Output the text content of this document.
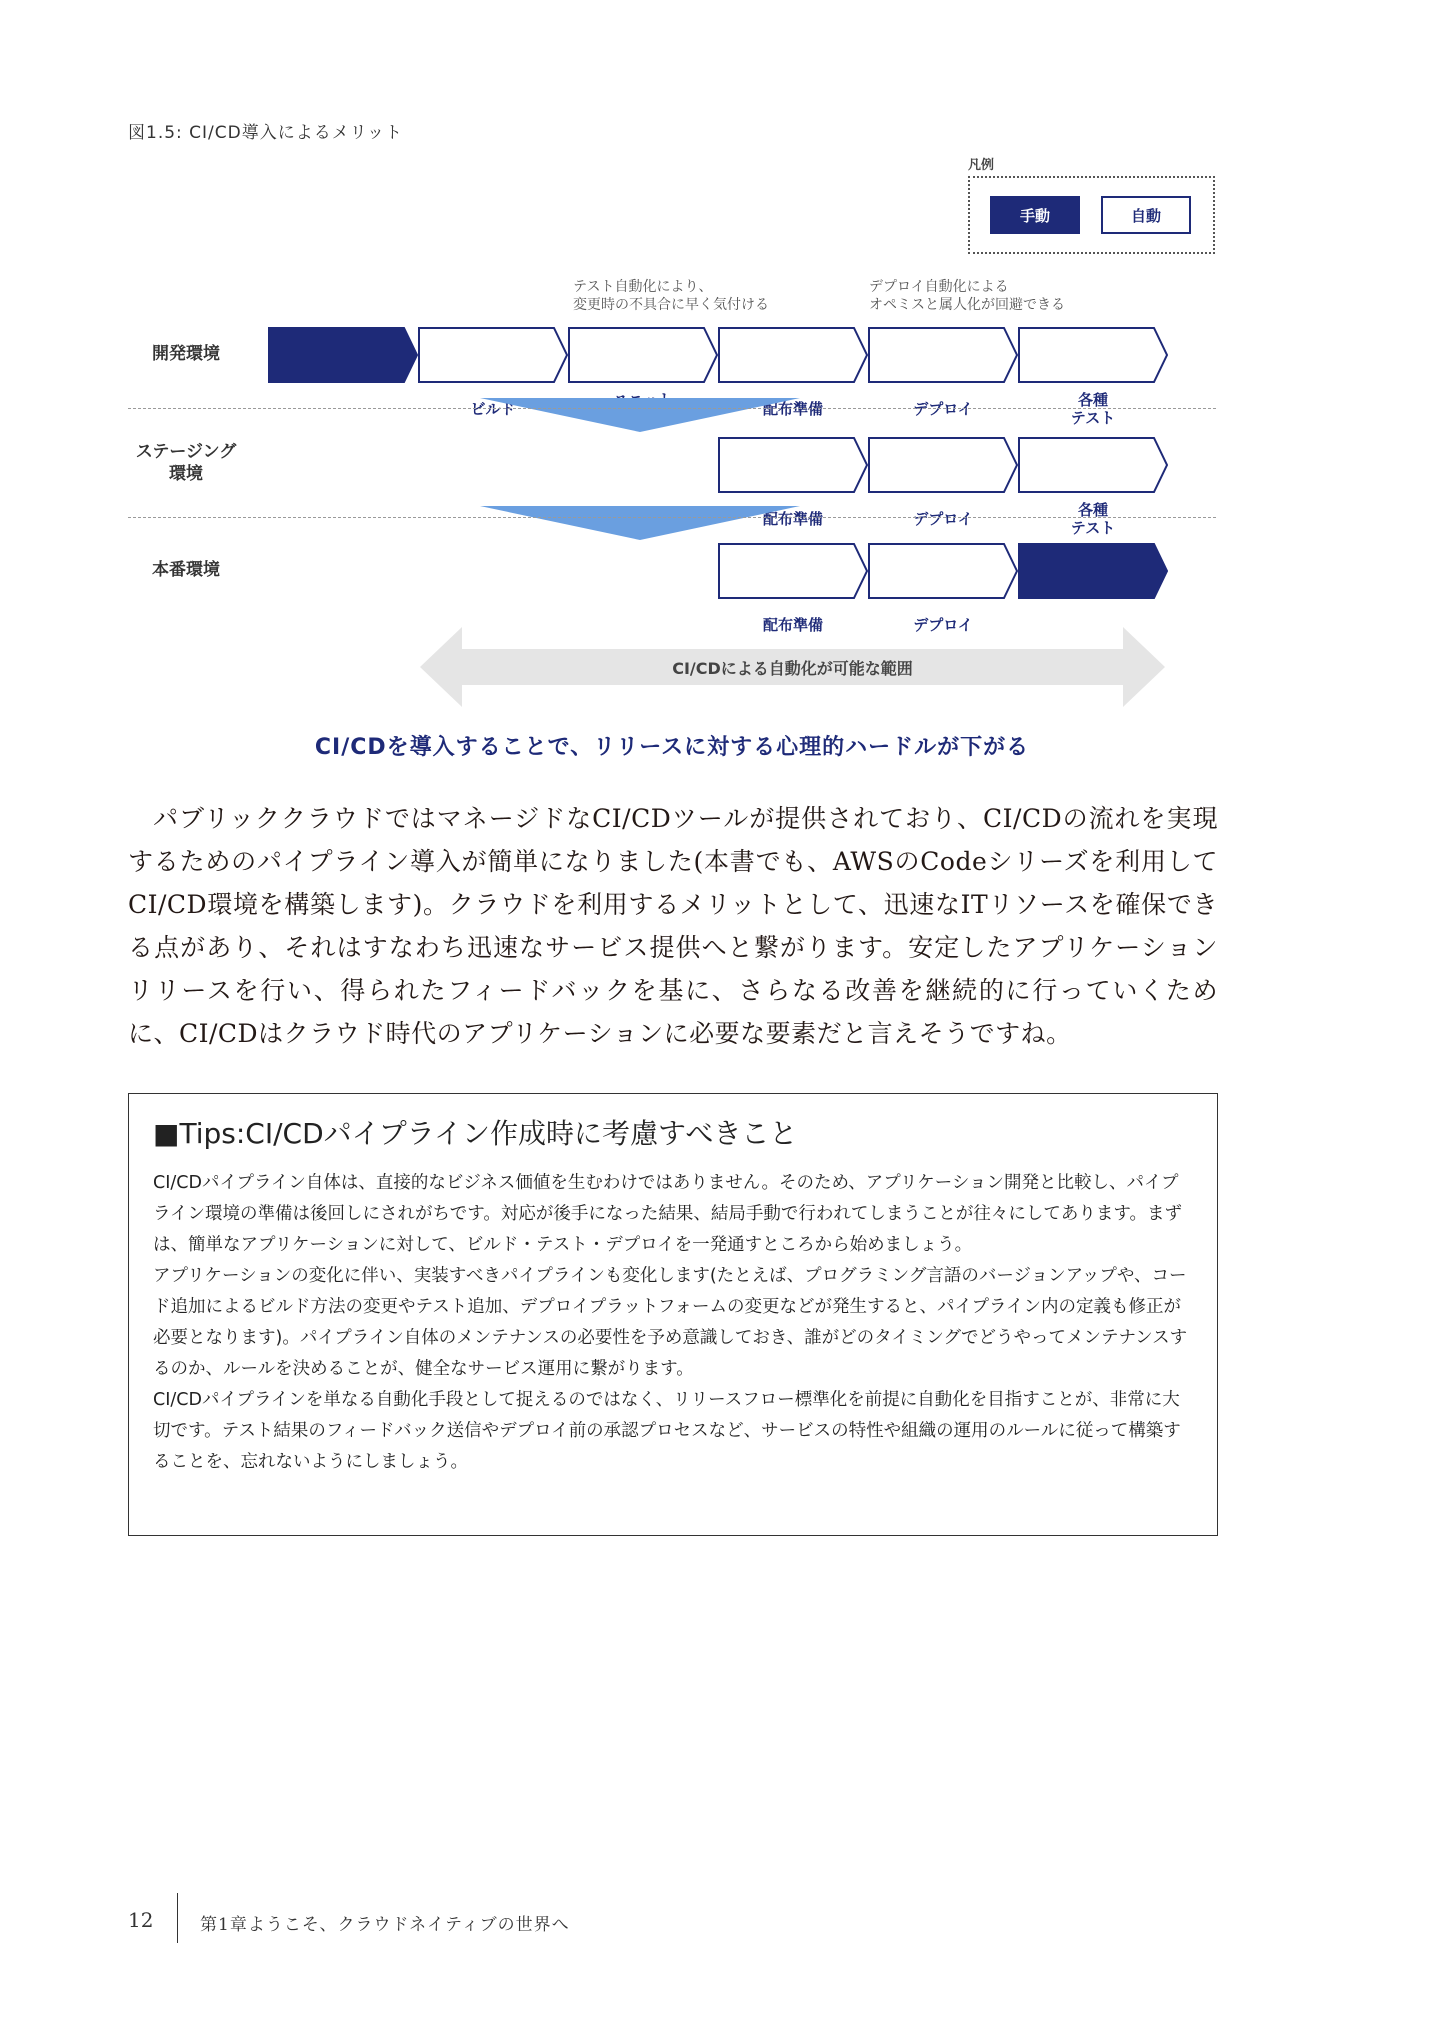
図1.5: CI/CD導入によるメリット
凡例
手動	自動
テスト自動化により、
変更時の不具合に早く気付ける
デプロイ自動化による
オペミスと属人化が回避できる
開発環境
ステージング
環境
本番環境

コードの
マージ処理

	ビルド

	配布準備

	デプロイ

	各種
テスト

配布準備

	デプロイ

	各種
テスト

配布準備

	デプロイ

	リリース

CI/CDによる自動化が可能な範囲
CI/CDを導入することで、リリースに対する心理的ハードルが下がる
パブリッククラウドではマネージドなCI/CDツールが提供されており、CI/CDの流れを実現するためのパイプライン導入が簡単になりました(本書でも、AWSのCodeシリーズを利用してCI/CD環境を構築します)。クラウドを利用するメリットとして、迅速なITリソースを確保できる点があり、それはすなわち迅速なサービス提供へと繋がります。安定したアプリケーションリリースを行い、得られたフィードバックを基に、さらなる改善を継続的に行っていくために、CI/CDはクラウド時代のアプリケーションに必要な要素だと言えそうですね。
■Tips:CI/CDパイプライン作成時に考慮すべきこと

CI/CDパイプライン自体は、直接的なビジネス価値を生むわけではありません。そのため、アプリケーション開発と比較し、パイプライン環境の準備は後回しにされがちです。対応が後手になった結果、結局手動で行われてしまうことが往々にしてあります。まずは、簡単なアプリケーションに対して、ビルド・テスト・デプロイを一発通すところから始めましょう。

アプリケーションの変化に伴い、実装すべきパイプラインも変化します(たとえば、プログラミング言語のバージョンアップや、コード追加によるビルド方法の変更やテスト追加、デプロイプラットフォームの変更などが発生すると、パイプライン内の定義も修正が必要となります)。パイプライン自体のメンテナンスの必要性を予め意識しておき、誰がどのタイミングでどうやってメンテナンスするのか、ルールを決めることが、健全なサービス運用に繋がります。

CI/CDパイプラインを単なる自動化手段として捉えるのではなく、リリースフロー標準化を前提に自動化を目指すことが、非常に大切です。テスト結果のフィードバック送信やデプロイ前の承認プロセスなど、サービスの特性や組織の運用のルールに従って構築することを、忘れないようにしましょう。

12	第1章ようこそ、クラウドネイティブの世界へ
